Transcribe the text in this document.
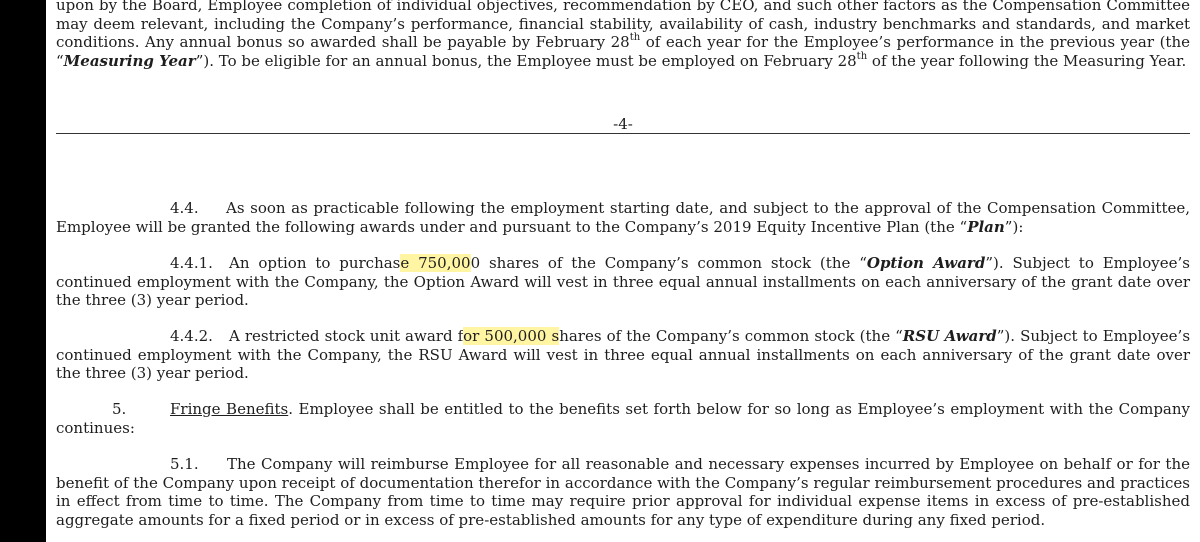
upon by the Board, Employee completion of individual objectives, recommendation by CEO, and such other factors as the Compensation Committee may deem relevant, including the Company’s performance, financial stability, availability of cash, industry benchmarks and standards, and market conditions. Any annual bonus so awarded shall be payable by February 28th of each year for the Employee’s performance in the previous year (the “Measuring Year”). To be eligible for an annual bonus, the Employee must be employed on February 28th of the year following the Measuring Year.

-4-

4.4. As soon as practicable following the employment starting date, and subject to the approval of the Compensation Committee, Employee will be granted the following awards under and pursuant to the Company’s 2019 Equity Incentive Plan (the “Plan”):

4.4.1. An option to purchase 750,000 shares of the Company’s common stock (the “Option Award”). Subject to Employee’s continued employment with the Company, the Option Award will vest in three equal annual installments on each anniversary of the grant date over the three (3) year period.

4.4.2. A restricted stock unit award for 500,000 shares of the Company’s common stock (the “RSU Award”). Subject to Employee’s continued employment with the Company, the RSU Award will vest in three equal annual installments on each anniversary of the grant date over the three (3) year period.

5.	Fringe Benefits. Employee shall be entitled to the benefits set forth below for so long as Employee’s employment with the Company continues:

5.1. The Company will reimburse Employee for all reasonable and necessary expenses incurred by Employee on behalf or for the benefit of the Company upon receipt of documentation therefor in accordance with the Company’s regular reimbursement procedures and practices in effect from time to time. The Company from time to time may require prior approval for individual expense items in excess of pre-established aggregate amounts for a fixed period or in excess of pre-established amounts for any type of expenditure during any fixed period.
